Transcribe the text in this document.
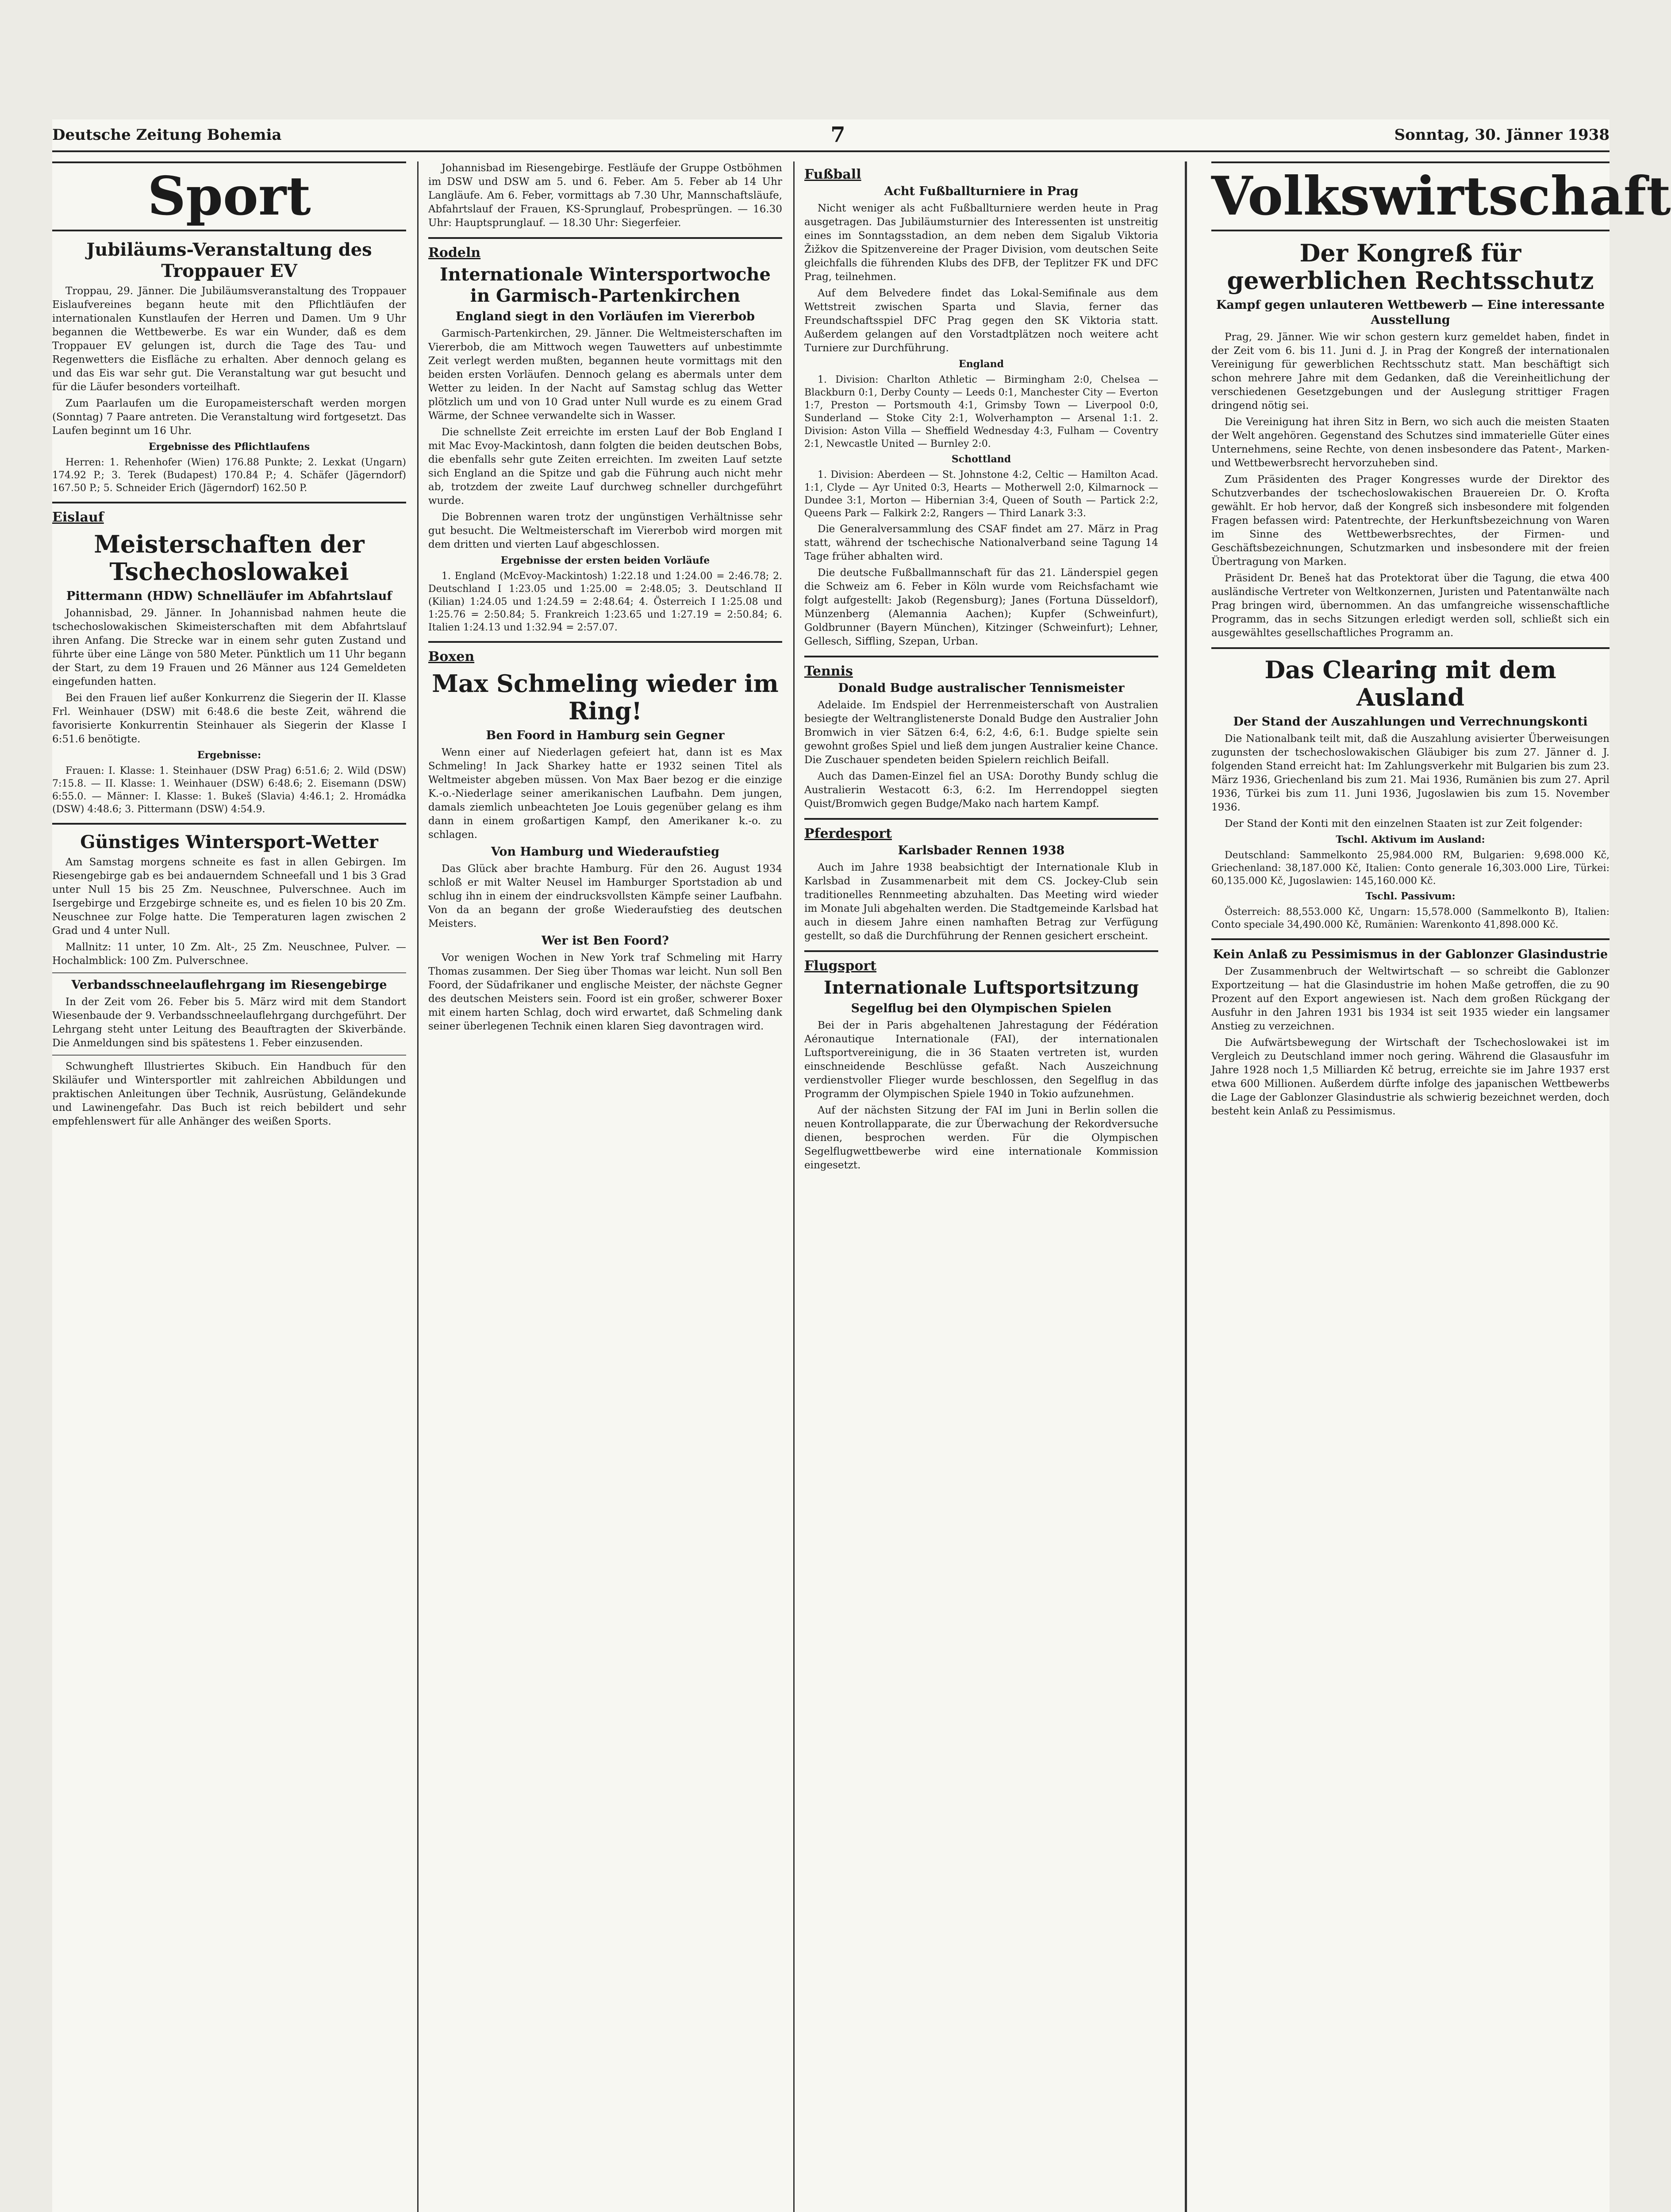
Deutsche Zeitung Bohemia	7	Sonntag, 30. Jänner 1938
Sport
Jubiläums-Veranstaltung des Troppauer EV

Troppau, 29. Jänner. Die Jubiläumsveranstaltung des Troppauer Eislaufvereines begann heute mit den Pflichtläufen der internationalen Kunstlaufen der Herren und Damen. Um 9 Uhr begannen die Wettbewerbe. Es war ein Wunder, daß es dem Troppauer EV gelungen ist, durch die Tage des Tau- und Regenwetters die Eisfläche zu erhalten. Aber dennoch gelang es und das Eis war sehr gut. Die Veranstaltung war gut besucht und für die Läufer besonders vorteilhaft.

Zum Paarlaufen um die Europameisterschaft werden morgen (Sonntag) 7 Paare antreten. Die Veranstaltung wird fortgesetzt. Das Laufen beginnt um 16 Uhr.

Ergebnisse des Pflichtlaufens

Herren: 1. Rehenhofer (Wien) 176.88 Punkte; 2. Lexkat (Ungarn) 174.92 P.; 3. Terek (Budapest) 170.84 P.; 4. Schäfer (Jägerndorf) 167.50 P.; 5. Schneider Erich (Jägerndorf) 162.50 P.

Eislauf
Meisterschaften der Tschechoslowakei
Pittermann (HDW) Schnelläufer im Abfahrtslauf

Johannisbad, 29. Jänner. In Johannisbad nahmen heute die tschechoslowakischen Skimeisterschaften mit dem Abfahrtslauf ihren Anfang. Die Strecke war in einem sehr guten Zustand und führte über eine Länge von 580 Meter. Pünktlich um 11 Uhr begann der Start, zu dem 19 Frauen und 26 Männer aus 124 Gemeldeten eingefunden hatten.

Bei den Frauen lief außer Konkurrenz die Siegerin der II. Klasse Frl. Weinhauer (DSW) mit 6:48.6 die beste Zeit, während die favorisierte Konkurrentin Steinhauer als Siegerin der Klasse I 6:51.6 benötigte.

Ergebnisse:

Frauen: I. Klasse: 1. Steinhauer (DSW Prag) 6:51.6; 2. Wild (DSW) 7:15.8. — II. Klasse: 1. Weinhauer (DSW) 6:48.6; 2. Eisemann (DSW) 6:55.0. — Männer: I. Klasse: 1. Bukeš (Slavia) 4:46.1; 2. Hromádka (DSW) 4:48.6; 3. Pittermann (DSW) 4:54.9.

Günstiges Wintersport-Wetter

Am Samstag morgens schneite es fast in allen Gebirgen. Im Riesengebirge gab es bei andauerndem Schneefall und 1 bis 3 Grad unter Null 15 bis 25 Zm. Neuschnee, Pulverschnee. Auch im Isergebirge und Erzgebirge schneite es, und es fielen 10 bis 20 Zm. Neuschnee zur Folge hatte. Die Temperaturen lagen zwischen 2 Grad und 4 unter Null.

Mallnitz: 11 unter, 10 Zm. Alt-, 25 Zm. Neuschnee, Pulver. — Hochalmblick: 100 Zm. Pulverschnee.

Verbandsschneelauflehrgang im Riesengebirge

In der Zeit vom 26. Feber bis 5. März wird mit dem Standort Wiesenbaude der 9. Verbandsschneelauflehrgang durchgeführt. Der Lehrgang steht unter Leitung des Beauftragten der Skiverbände. Die Anmeldungen sind bis spätestens 1. Feber einzusenden.

Schwungheft Illustriertes Skibuch. Ein Handbuch für den Skiläufer und Wintersportler mit zahlreichen Abbildungen und praktischen Anleitungen über Technik, Ausrüstung, Geländekunde und Lawinengefahr. Das Buch ist reich bebildert und sehr empfehlenswert für alle Anhänger des weißen Sports.

Johannisbad im Riesengebirge. Festläufe der Gruppe Ostböhmen im DSW und DSW am 5. und 6. Feber. Am 5. Feber ab 14 Uhr Langläufe. Am 6. Feber, vormittags ab 7.30 Uhr, Mannschaftsläufe, Abfahrtslauf der Frauen, KS-Sprunglauf, Probesprüngen. — 16.30 Uhr: Hauptsprunglauf. — 18.30 Uhr: Siegerfeier.

Rodeln
Internationale Wintersportwoche in Garmisch-Partenkirchen
England siegt in den Vorläufen im Viererbob

Garmisch-Partenkirchen, 29. Jänner. Die Weltmeisterschaften im Viererbob, die am Mittwoch wegen Tauwetters auf unbestimmte Zeit verlegt werden mußten, begannen heute vormittags mit den beiden ersten Vorläufen. Dennoch gelang es abermals unter dem Wetter zu leiden. In der Nacht auf Samstag schlug das Wetter plötzlich um und von 10 Grad unter Null wurde es zu einem Grad Wärme, der Schnee verwandelte sich in Wasser.

Die schnellste Zeit erreichte im ersten Lauf der Bob England I mit Mac Evoy-Mackintosh, dann folgten die beiden deutschen Bobs, die ebenfalls sehr gute Zeiten erreichten. Im zweiten Lauf setzte sich England an die Spitze und gab die Führung auch nicht mehr ab, trotzdem der zweite Lauf durchweg schneller durchgeführt wurde.

Die Bobrennen waren trotz der ungünstigen Verhältnisse sehr gut besucht. Die Weltmeisterschaft im Viererbob wird morgen mit dem dritten und vierten Lauf abgeschlossen.

Ergebnisse der ersten beiden Vorläufe

1. England (McEvoy-Mackintosh) 1:22.18 und 1:24.00 = 2:46.78; 2. Deutschland I 1:23.05 und 1:25.00 = 2:48.05; 3. Deutschland II (Kilian) 1:24.05 und 1:24.59 = 2:48.64; 4. Österreich I 1:25.08 und 1:25.76 = 2:50.84; 5. Frankreich 1:23.65 und 1:27.19 = 2:50.84; 6. Italien 1:24.13 und 1:32.94 = 2:57.07.

Boxen
Max Schmeling wieder im Ring!
Ben Foord in Hamburg sein Gegner

Wenn einer auf Niederlagen gefeiert hat, dann ist es Max Schmeling! In Jack Sharkey hatte er 1932 seinen Titel als Weltmeister abgeben müssen. Von Max Baer bezog er die einzige K.-o.-Niederlage seiner amerikanischen Laufbahn. Dem jungen, damals ziemlich unbeachteten Joe Louis gegenüber gelang es ihm dann in einem großartigen Kampf, den Amerikaner k.-o. zu schlagen.

Von Hamburg und Wiederaufstieg

Das Glück aber brachte Hamburg. Für den 26. August 1934 schloß er mit Walter Neusel im Hamburger Sportstadion ab und schlug ihn in einem der eindrucksvollsten Kämpfe seiner Laufbahn. Von da an begann der große Wiederaufstieg des deutschen Meisters.

Wer ist Ben Foord?

Vor wenigen Wochen in New York traf Schmeling mit Harry Thomas zusammen. Der Sieg über Thomas war leicht. Nun soll Ben Foord, der Südafrikaner und englische Meister, der nächste Gegner des deutschen Meisters sein. Foord ist ein großer, schwerer Boxer mit einem harten Schlag, doch wird erwartet, daß Schmeling dank seiner überlegenen Technik einen klaren Sieg davontragen wird.

Fußball
Acht Fußballturniere in Prag

Nicht weniger als acht Fußballturniere werden heute in Prag ausgetragen. Das Jubiläumsturnier des Interessenten ist unstreitig eines im Sonntagsstadion, an dem neben dem Sigalub Viktoria Žižkov die Spitzenvereine der Prager Division, vom deutschen Seite gleichfalls die führenden Klubs des DFB, der Teplitzer FK und DFC Prag, teilnehmen.

Auf dem Belvedere findet das Lokal-Semifinale aus dem Wettstreit zwischen Sparta und Slavia, ferner das Freundschaftsspiel DFC Prag gegen den SK Viktoria statt. Außerdem gelangen auf den Vorstadtplätzen noch weitere acht Turniere zur Durchführung.

England

1. Division: Charlton Athletic — Birmingham 2:0, Chelsea — Blackburn 0:1, Derby County — Leeds 0:1, Manchester City — Everton 1:7, Preston — Portsmouth 4:1, Grimsby Town — Liverpool 0:0, Sunderland — Stoke City 2:1, Wolverhampton — Arsenal 1:1. 2. Division: Aston Villa — Sheffield Wednesday 4:3, Fulham — Coventry 2:1, Newcastle United — Burnley 2:0.

Schottland

1. Division: Aberdeen — St. Johnstone 4:2, Celtic — Hamilton Acad. 1:1, Clyde — Ayr United 0:3, Hearts — Motherwell 2:0, Kilmarnock — Dundee 3:1, Morton — Hibernian 3:4, Queen of South — Partick 2:2, Queens Park — Falkirk 2:2, Rangers — Third Lanark 3:3.

Die Generalversammlung des CSAF findet am 27. März in Prag statt, während der tschechische Nationalverband seine Tagung 14 Tage früher abhalten wird.

Die deutsche Fußballmannschaft für das 21. Länderspiel gegen die Schweiz am 6. Feber in Köln wurde vom Reichsfachamt wie folgt aufgestellt: Jakob (Regensburg); Janes (Fortuna Düsseldorf), Münzenberg (Alemannia Aachen); Kupfer (Schweinfurt), Goldbrunner (Bayern München), Kitzinger (Schweinfurt); Lehner, Gellesch, Siffling, Szepan, Urban.

Tennis
Donald Budge australischer Tennismeister

Adelaide. Im Endspiel der Herrenmeisterschaft von Australien besiegte der Weltranglistenerste Donald Budge den Australier John Bromwich in vier Sätzen 6:4, 6:2, 4:6, 6:1. Budge spielte sein gewohnt großes Spiel und ließ dem jungen Australier keine Chance. Die Zuschauer spendeten beiden Spielern reichlich Beifall.

Auch das Damen-Einzel fiel an USA: Dorothy Bundy schlug die Australierin Westacott 6:3, 6:2. Im Herrendoppel siegten Quist/Bromwich gegen Budge/Mako nach hartem Kampf.

Pferdesport
Karlsbader Rennen 1938

Auch im Jahre 1938 beabsichtigt der Internationale Klub in Karlsbad in Zusammenarbeit mit dem CS. Jockey-Club sein traditionelles Rennmeeting abzuhalten. Das Meeting wird wieder im Monate Juli abgehalten werden. Die Stadtgemeinde Karlsbad hat auch in diesem Jahre einen namhaften Betrag zur Verfügung gestellt, so daß die Durchführung der Rennen gesichert erscheint.

Flugsport
Internationale Luftsportsitzung
Segelflug bei den Olympischen Spielen

Bei der in Paris abgehaltenen Jahrestagung der Fédération Aéronautique Internationale (FAI), der internationalen Luftsportvereinigung, die in 36 Staaten vertreten ist, wurden einschneidende Beschlüsse gefaßt. Nach Auszeichnung verdienstvoller Flieger wurde beschlossen, den Segelflug in das Programm der Olympischen Spiele 1940 in Tokio aufzunehmen.

Auf der nächsten Sitzung der FAI im Juni in Berlin sollen die neuen Kontrollapparate, die zur Überwachung der Rekordversuche dienen, besprochen werden. Für die Olympischen Segelflugwettbewerbe wird eine internationale Kommission eingesetzt.

Volkswirtschaft
Der Kongreß für gewerblichen Rechtsschutz
Kampf gegen unlauteren Wettbewerb — Eine interessante Ausstellung

Prag, 29. Jänner. Wie wir schon gestern kurz gemeldet haben, findet in der Zeit vom 6. bis 11. Juni d. J. in Prag der Kongreß der internationalen Vereinigung für gewerblichen Rechtsschutz statt. Man beschäftigt sich schon mehrere Jahre mit dem Gedanken, daß die Vereinheitlichung der verschiedenen Gesetzgebungen und der Auslegung strittiger Fragen dringend nötig sei.

Die Vereinigung hat ihren Sitz in Bern, wo sich auch die meisten Staaten der Welt angehören. Gegenstand des Schutzes sind immaterielle Güter eines Unternehmens, seine Rechte, von denen insbesondere das Patent-, Marken- und Wettbewerbsrecht hervorzuheben sind.

Zum Präsidenten des Prager Kongresses wurde der Direktor des Schutzverbandes der tschechoslowakischen Brauereien Dr. O. Krofta gewählt. Er hob hervor, daß der Kongreß sich insbesondere mit folgenden Fragen befassen wird: Patentrechte, der Herkunftsbezeichnung von Waren im Sinne des Wettbewerbsrechtes, der Firmen- und Geschäftsbezeichnungen, Schutzmarken und insbesondere mit der freien Übertragung von Marken.

Präsident Dr. Beneš hat das Protektorat über die Tagung, die etwa 400 ausländische Vertreter von Weltkonzernen, Juristen und Patentanwälte nach Prag bringen wird, übernommen. An das umfangreiche wissenschaftliche Programm, das in sechs Sitzungen erledigt werden soll, schließt sich ein ausgewähltes gesellschaftliches Programm an.

Das Clearing mit dem Ausland
Der Stand der Auszahlungen und Verrechnungskonti

Die Nationalbank teilt mit, daß die Auszahlung avisierter Überweisungen zugunsten der tschechoslowakischen Gläubiger bis zum 27. Jänner d. J. folgenden Stand erreicht hat: Im Zahlungsverkehr mit Bulgarien bis zum 23. März 1936, Griechenland bis zum 21. Mai 1936, Rumänien bis zum 27. April 1936, Türkei bis zum 11. Juni 1936, Jugoslawien bis zum 15. November 1936.

Der Stand der Konti mit den einzelnen Staaten ist zur Zeit folgender:

Tschl. Aktivum im Ausland:

Deutschland: Sammelkonto 25,984.000 RM, Bulgarien: 9,698.000 Kč, Griechenland: 38,187.000 Kč, Italien: Conto generale 16,303.000 Lire, Türkei: 60,135.000 Kč, Jugoslawien: 145,160.000 Kč.

Tschl. Passivum:

Österreich: 88,553.000 Kč, Ungarn: 15,578.000 (Sammelkonto B), Italien: Conto speciale 34,490.000 Kč, Rumänien: Warenkonto 41,898.000 Kč.

Kein Anlaß zu Pessimismus in der Gablonzer Glasindustrie

Der Zusammenbruch der Weltwirtschaft — so schreibt die Gablonzer Exportzeitung — hat die Glasindustrie im hohen Maße getroffen, die zu 90 Prozent auf den Export angewiesen ist. Nach dem großen Rückgang der Ausfuhr in den Jahren 1931 bis 1934 ist seit 1935 wieder ein langsamer Anstieg zu verzeichnen.

Die Aufwärtsbewegung der Wirtschaft der Tschechoslowakei ist im Vergleich zu Deutschland immer noch gering. Während die Glasausfuhr im Jahre 1928 noch 1,5 Milliarden Kč betrug, erreichte sie im Jahre 1937 erst etwa 600 Millionen. Außerdem dürfte infolge des japanischen Wettbewerbs die Lage der Gablonzer Glasindustrie als schwierig bezeichnet werden, doch besteht kein Anlaß zu Pessimismus.
